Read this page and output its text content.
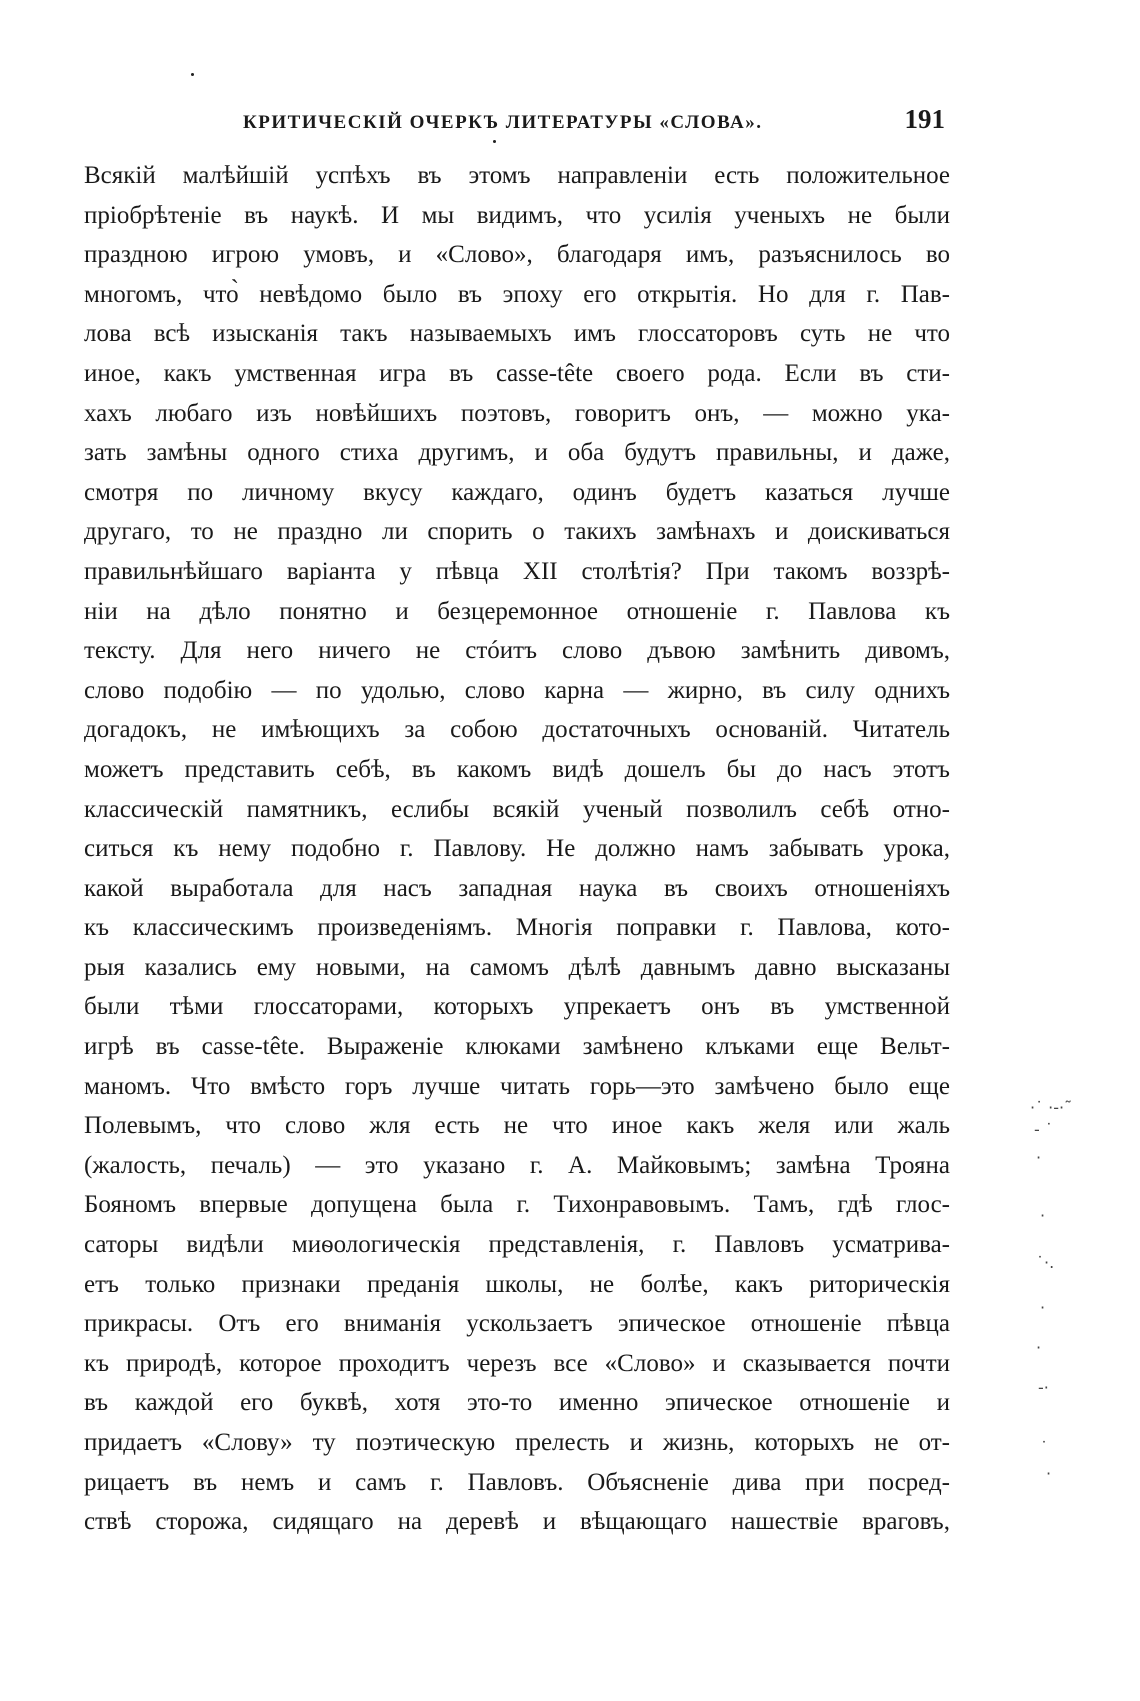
КРИТИЧЕСКІЙ ОЧЕРКЪ ЛИТЕРАТУРЫ «СЛОВА».	191
Всякій малѣйшій успѣхъ въ этомъ направленіи есть положительное
пріобрѣтеніе въ наукѣ. И мы видимъ, что усилія ученыхъ не были
праздною игрою умовъ, и «Слово», благодаря имъ, разъяснилось во
многомъ, что̀ невѣдомо было въ эпоху его открытія. Но для г. Пав-
лова всѣ изысканія такъ называемыхъ имъ глоссаторовъ суть не что
иное, какъ умственная игра въ casse-tête своего рода. Если въ сти-
хахъ любаго изъ новѣйшихъ поэтовъ, говоритъ онъ, — можно ука-
зать замѣны одного стиха другимъ, и оба будутъ правильны, и даже,
смотря по личному вкусу каждаго, одинъ будетъ казаться лучше
другаго, то не праздно ли спорить о такихъ замѣнахъ и доискиваться
правильнѣйшаго варіанта у пѣвца XII столѣтія? При такомъ воззрѣ-
ніи на дѣло понятно и безцеремонное отношеніе г. Павлова къ
тексту. Для него ничего не стóитъ слово дъвою замѣнить дивомъ,
слово подобію — по удолью, слово карна — жирно, въ силу однихъ
догадокъ, не имѣющихъ за собою достаточныхъ основаній. Читатель
можетъ представить себѣ, въ какомъ видѣ дошелъ бы до насъ этотъ
классическій памятникъ, еслибы всякій ученый позволилъ себѣ отно-
ситься къ нему подобно г. Павлову. Не должно намъ забывать урока,
какой выработала для насъ западная наука въ своихъ отношеніяхъ
къ классическимъ произведеніямъ. Многія поправки г. Павлова, кото-
рыя казались ему новыми, на самомъ дѣлѣ давнымъ давно высказаны
были тѣми глоссаторами, которыхъ упрекаетъ онъ въ умственной
игрѣ въ casse-tête. Выраженіе клюками замѣнено клъками еще Вельт-
маномъ. Что вмѣсто горъ лучше читать горь—это замѣчено было еще
Полевымъ, что слово жля есть не что иное какъ желя или жаль
(жалость, печаль) — это указано г. А. Майковымъ; замѣна Трояна
Бояномъ впервые допущена была г. Тихонравовымъ. Тамъ, гдѣ глос-
саторы видѣли миѳологическія представленія, г. Павловъ усматрива-
етъ только признаки преданія школы, не болѣе, какъ риторическія
прикрасы. Отъ его вниманія ускользаетъ эпическое отношеніе пѣвца
къ природѣ, которое проходитъ черезъ все «Слово» и сказывается почти
въ каждой его буквѣ, хотя это-то именно эпическое отношеніе и
придаетъ «Слову» ту поэтическую прелесть и жизнь, которыхъ не от-
рицаетъ въ немъ и самъ г. Павловъ. Объясненіе дива при посред-
ствѣ сторожа, сидящаго на деревѣ и вѣщающаго нашествіе враговъ,
·˙ ·‑·˜
‑ ˙
·
·
˙·.
·
·
‑·
˙
·
